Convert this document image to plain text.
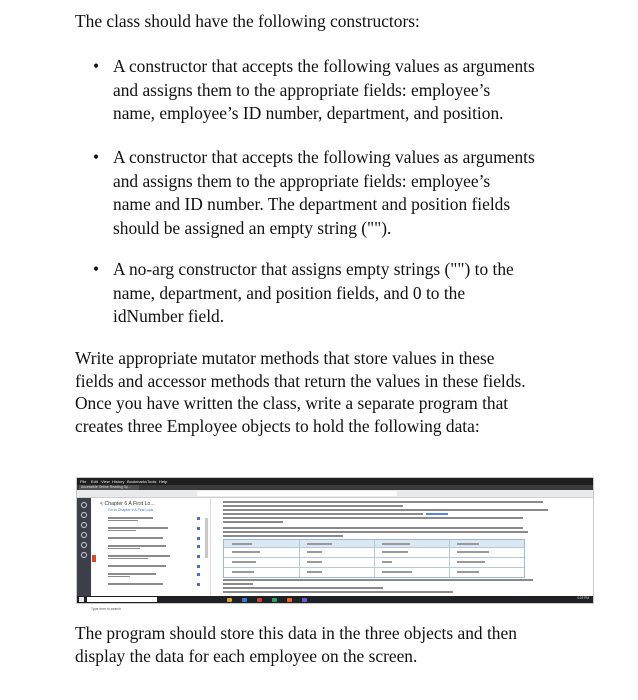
The class should have the following constructors:
• A constructor that accepts the following values as arguments
and assigns them to the appropriate fields: employee’s
name, employee’s ID number, department, and position.
• A constructor that accepts the following values as arguments
and assigns them to the appropriate fields: employee’s
name and ID number. The department and position fields
should be assigned an empty string ("").
• A no-arg constructor that assigns empty strings ("") to the
name, department, and position fields, and 0 to the
idNumber field.
Write appropriate mutator methods that store values in these
fields and accessor methods that return the values in these fields.
Once you have written the class, write a separate program that
creates three Employee objects to hold the following data:
File Edit View History Bookmarks Tools Help
Accessible Online Reading Sy...
< Chapter 6 A First Lo...
Go to Chapter 6 A First Look
Type here to search
4:19 PM
The program should store this data in the three objects and then
display the data for each employee on the screen.
